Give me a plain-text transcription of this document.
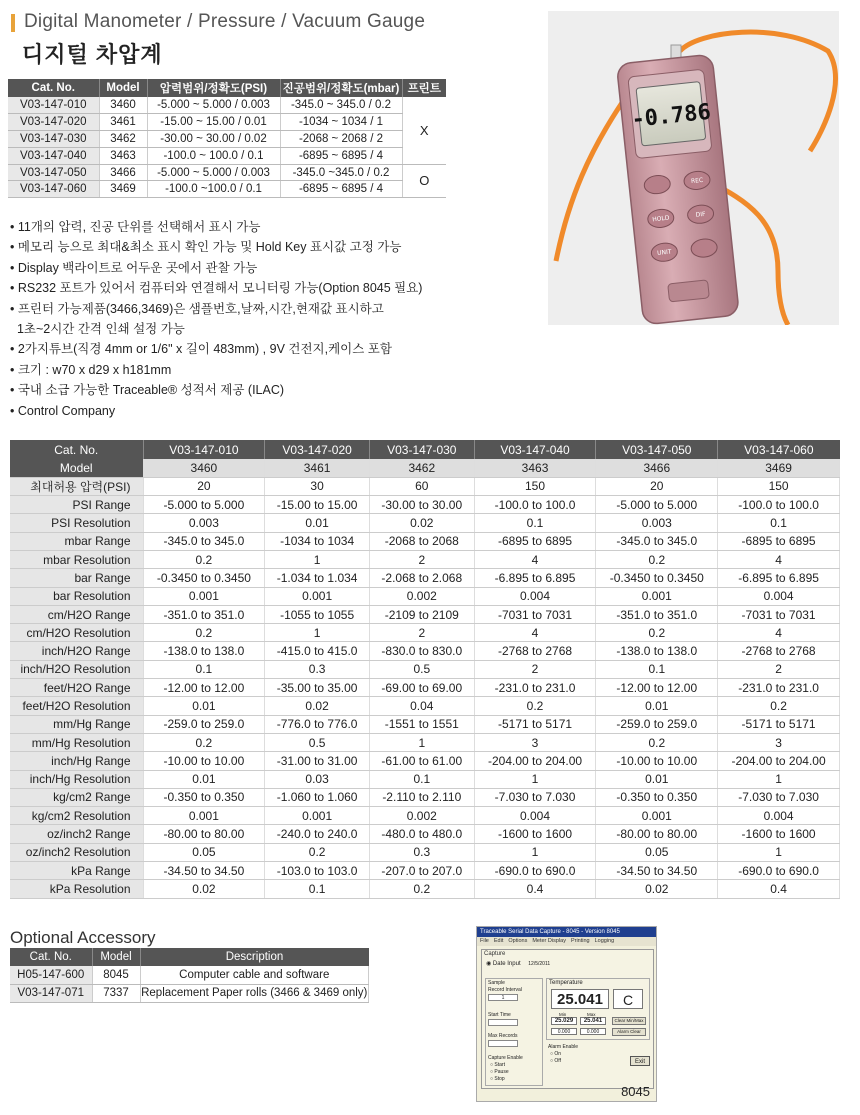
Digital Manometer / Pressure / Vacuum Gauge
디지털 차압계
Cat. No.	Model	압력범위/정확도(PSI)	진공범위/정확도(mbar)	프린트
V03-147-010	3460	-5.000 ~ 5.000 / 0.003	-345.0 ~ 345.0 / 0.2	X
V03-147-020	3461	-15.00 ~ 15.00 / 0.01	-1034 ~ 1034 / 1	
V03-147-030	3462	-30.00 ~ 30.00 / 0.02	-2068 ~ 2068 / 2	
V03-147-040	3463	-100.0 ~ 100.0 / 0.1	-6895 ~ 6895 / 4	
V03-147-050	3466	-5.000 ~ 5.000 / 0.003	-345.0 ~345.0 / 0.2	O
V03-147-060	3469	-100.0 ~100.0 / 0.1	-6895 ~ 6895 / 4	
-0.786
REC
HOLD	DIF
UNIT
• 11개의 압력, 진공 단위를 선택해서 표시 가능
• 메모리 능으로 최대&최소 표시 확인 가능 및 Hold Key 표시값 고정 가능
• Display 백라이트로 어두운 곳에서 관찰 가능
• RS232 포트가 있어서 컴퓨터와 연결해서 모니터링 가능(Option 8045 필요)
• 프린터 가능제품(3466,3469)은 샘플번호,날짜,시간,현재값 표시하고
1초~2시간 간격 인쇄 설정 가능
• 2가지튜브(직경 4mm or 1/6" x 길이 483mm) , 9V 건전지,케이스 포함
• 크기 : w70 x d29 x h181mm
• 국내 소급 가능한 Traceable® 성적서 제공 (ILAC)
• Control Company
Cat. No.	V03-147-010	V03-147-020	V03-147-030	V03-147-040	V03-147-050	V03-147-060
Model	3460	3461	3462	3463	3466	3469
최대허용 압력(PSI)	20	30	60	150	20	150
PSI Range	-5.000 to 5.000	-15.00 to 15.00	-30.00 to 30.00	-100.0 to 100.0	-5.000 to 5.000	-100.0 to 100.0
PSI Resolution	0.003	0.01	0.02	0.1	0.003	0.1
mbar Range	-345.0 to 345.0	-1034 to 1034	-2068 to 2068	-6895 to 6895	-345.0 to 345.0	-6895 to 6895
mbar Resolution	0.2	1	2	4	0.2	4
bar Range	-0.3450 to 0.3450	-1.034 to 1.034	-2.068 to 2.068	-6.895 to 6.895	-0.3450 to 0.3450	-6.895 to 6.895
bar Resolution	0.001	0.001	0.002	0.004	0.001	0.004
cm/H2O Range	-351.0 to 351.0	-1055 to 1055	-2109 to 2109	-7031 to 7031	-351.0 to 351.0	-7031 to 7031
cm/H2O Resolution	0.2	1	2	4	0.2	4
inch/H2O Range	-138.0 to 138.0	-415.0 to 415.0	-830.0 to 830.0	-2768 to 2768	-138.0 to 138.0	-2768 to 2768
inch/H2O Resolution	0.1	0.3	0.5	2	0.1	2
feet/H2O Range	-12.00 to 12.00	-35.00 to 35.00	-69.00 to 69.00	-231.0 to 231.0	-12.00 to 12.00	-231.0 to 231.0
feet/H2O Resolution	0.01	0.02	0.04	0.2	0.01	0.2
mm/Hg Range	-259.0 to 259.0	-776.0 to 776.0	-1551 to 1551	-5171 to 5171	-259.0 to 259.0	-5171 to 5171
mm/Hg Resolution	0.2	0.5	1	3	0.2	3
inch/Hg Range	-10.00 to 10.00	-31.00 to 31.00	-61.00 to 61.00	-204.00 to 204.00	-10.00 to 10.00	-204.00 to 204.00
inch/Hg Resolution	0.01	0.03	0.1	1	0.01	1
kg/cm2 Range	-0.350 to 0.350	-1.060 to 1.060	-2.110 to 2.110	-7.030 to 7.030	-0.350 to 0.350	-7.030 to 7.030
kg/cm2 Resolution	0.001	0.001	0.002	0.004	0.001	0.004
oz/inch2 Range	-80.00 to 80.00	-240.0 to 240.0	-480.0 to 480.0	-1600 to 1600	-80.00 to 80.00	-1600 to 1600
oz/inch2 Resolution	0.05	0.2	0.3	1	0.05	1
kPa Range	-34.50 to 34.50	-103.0 to 103.0	-207.0 to 207.0	-690.0 to 690.0	-34.50 to 34.50	-690.0 to 690.0
kPa Resolution	0.02	0.1	0.2	0.4	0.02	0.4
Optional Accessory
Cat. No.	Model	Description
H05-147-600	8045	Computer cable and software
V03-147-071	7337	Replacement Paper rolls (3466 & 3469 only)
Traceable Serial Data Capture - 8045 - Version 8045
File Edit Options Meter Display Printing Logging
Capture
◉ Date Input 12/5/2011
Sample
Record Interval
1
Start Time
Max Records
Capture Enable
○ Start
○ Pause
○ Stop
Temperature
25.041	C
Min	Max
25.029	25.041
0.000	0.000
Clear Min/Max
Alarm Clear
Alarm Enable
○ On
○ Off	Exit
8045
